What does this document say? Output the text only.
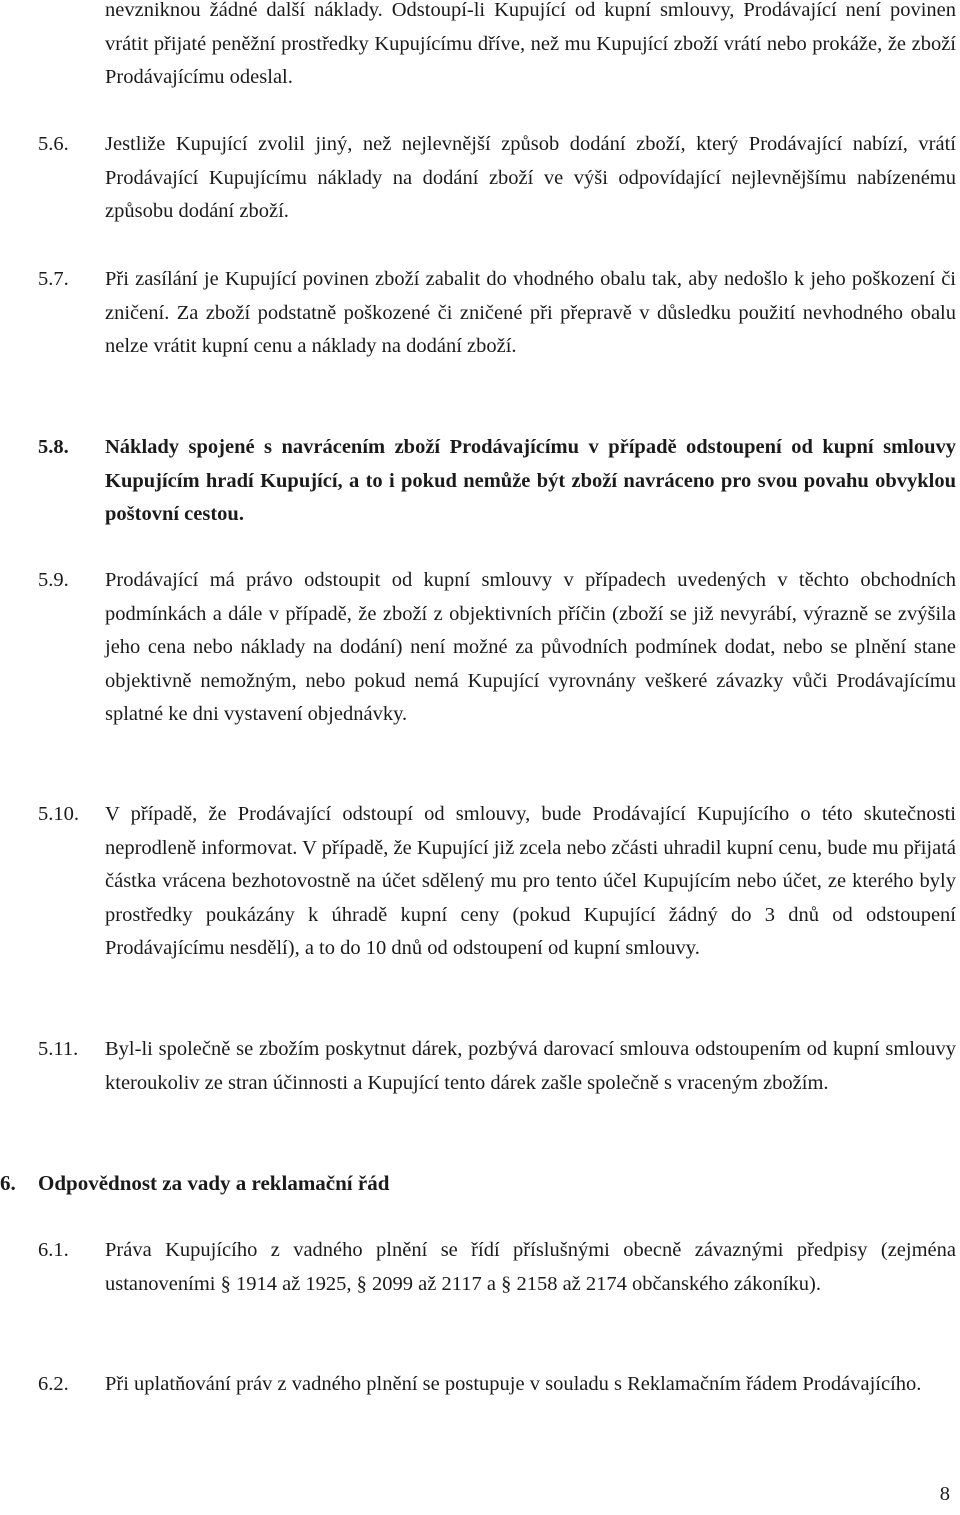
nevzniknou žádné další náklady. Odstoupí-li Kupující od kupní smlouvy, Prodávající není povinen vrátit přijaté peněžní prostředky Kupujícímu dříve, než mu Kupující zboží vrátí nebo prokáže, že zboží Prodávajícímu odeslal.
5.6. Jestliže Kupující zvolil jiný, než nejlevnější způsob dodání zboží, který Prodávající nabízí, vrátí Prodávající Kupujícímu náklady na dodání zboží ve výši odpovídající nejlevnějšímu nabízenému způsobu dodání zboží.
5.7. Při zasílání je Kupující povinen zboží zabalit do vhodného obalu tak, aby nedošlo k jeho poškození či zničení. Za zboží podstatně poškozené či zničené při přepravě v důsledku použití nevhodného obalu nelze vrátit kupní cenu a náklady na dodání zboží.
5.8. Náklady spojené s navrácením zboží Prodávajícímu v případě odstoupení od kupní smlouvy Kupujícím hradí Kupující, a to i pokud nemůže být zboží navráceno pro svou povahu obvyklou poštovní cestou.
5.9. Prodávající má právo odstoupit od kupní smlouvy v případech uvedených v těchto obchodních podmínkách a dále v případě, že zboží z objektivních příčin (zboží se již nevyrábí, výrazně se zvýšila jeho cena nebo náklady na dodání) není možné za původních podmínek dodat, nebo se plnění stane objektivně nemožným, nebo pokud nemá Kupující vyrovnány veškeré závazky vůči Prodávajícímu splatné ke dni vystavení objednávky.
5.10. V případě, že Prodávající odstoupí od smlouvy, bude Prodávající Kupujícího o této skutečnosti neprodleně informovat. V případě, že Kupující již zcela nebo zčásti uhradil kupní cenu, bude mu přijatá částka vrácena bezhotovostně na účet sdělený mu pro tento účel Kupujícím nebo účet, ze kterého byly prostředky poukázány k úhradě kupní ceny (pokud Kupující žádný do 3 dnů od odstoupení Prodávajícímu nesdělí), a to do 10 dnů od odstoupení od kupní smlouvy.
5.11. Byl-li společně se zbožím poskytnut dárek, pozbývá darovací smlouva odstoupením od kupní smlouvy kteroukoliv ze stran účinnosti a Kupující tento dárek zašle společně s vraceným zbožím.
6. Odpovědnost za vady a reklamační řád
6.1. Práva Kupujícího z vadného plnění se řídí příslušnými obecně závaznými předpisy (zejména ustanoveními § 1914 až 1925, § 2099 až 2117 a § 2158 až 2174 občanského zákoníku).
6.2. Při uplatňování práv z vadného plnění se postupuje v souladu s Reklamačním řádem Prodávajícího.
8
